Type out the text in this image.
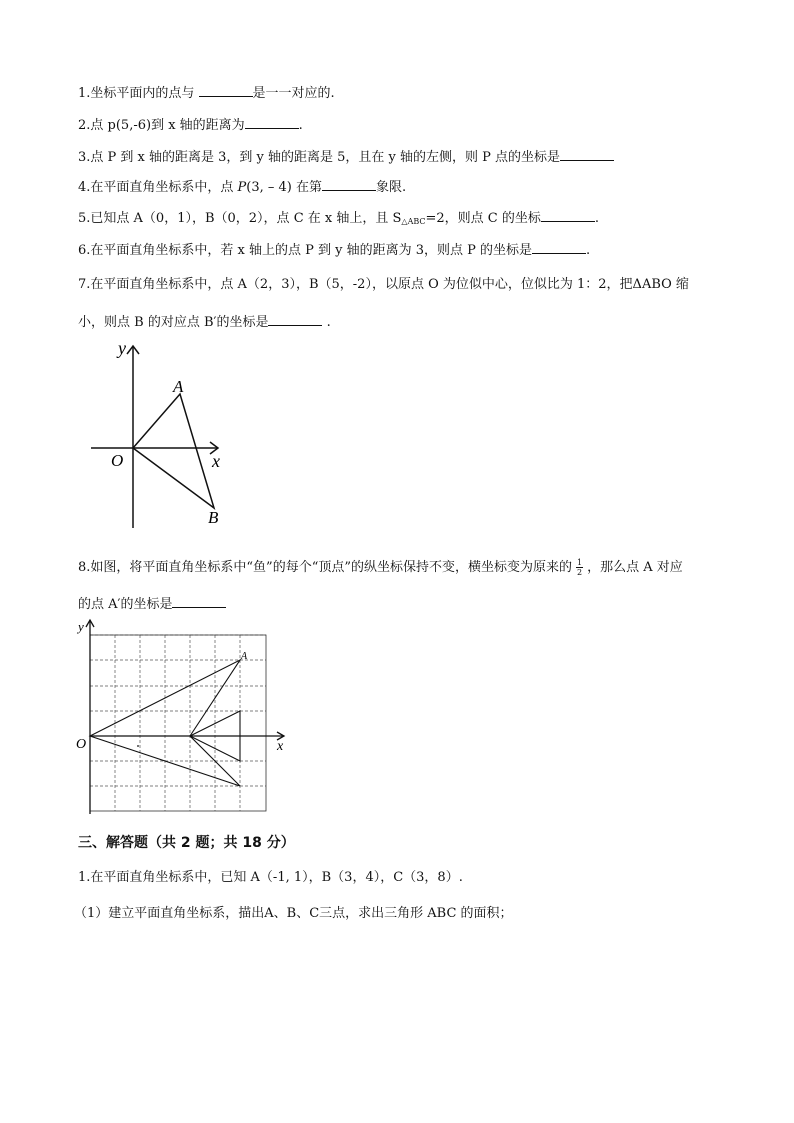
1.坐标平面内的点与	是一一对应的.
2.点 p(5,-6)到 x 轴的距离为	.
3.点 P 到 x 轴的距离是 3，到 y 轴的距离是 5，且在 y 轴的左侧，则 P 点的坐标是
4.在平面直角坐标系中，点 P(3, – 4) 在第	象限.
5.已知点 A（0，1），B（0，2），点 C 在 x 轴上，且 $S_{\triangle ABC}=2$，则点 C 的坐标	.
6.在平面直角坐标系中，若 x 轴上的点 P 到 y 轴的距离为 3，则点 P 的坐标是	.
7.在平面直角坐标系中，点 A（2，3），B（5，-2），以原点 O 为位似中心，位似比为 1：2，把ΔABO 缩
小，则点 B 的对应点 B′的坐标是	.
y
A
O	x
B
8.如图，将平面直角坐标系中“鱼”的每个“顶点”的纵坐标保持不变，横坐标变为原来的 $\frac{1}{2}$ ，那么点 A 对应
的点 A′的坐标是
y
A
O	x
三、解答题（共 2 题；共 18 分）
1.在平面直角坐标系中，已知 A（-1, 1），B（3，4），C（3，8）.
（1）建立平面直角坐标系，描出A、B、C三点，求出三角形 ABC 的面积；
